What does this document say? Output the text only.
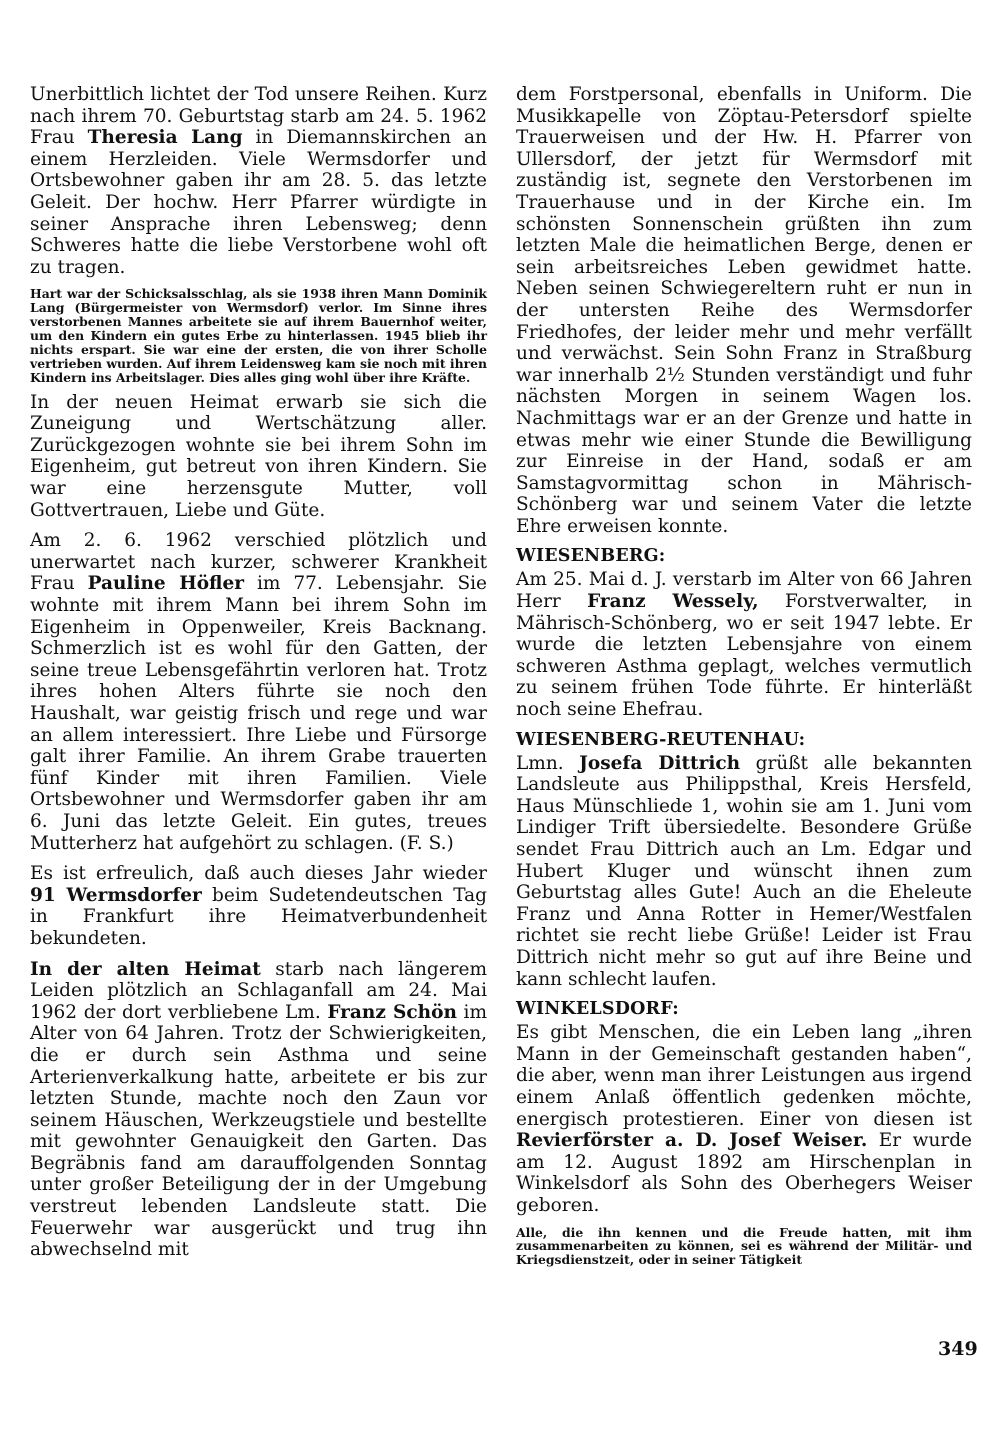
Unerbittlich lichtet der Tod unsere Reihen. Kurz nach ihrem 70. Geburtstag starb am 24. 5. 1962 Frau Theresia Lang in Diemannskirchen an einem Herzleiden. Viele Wermsdorfer und Ortsbewohner gaben ihr am 28. 5. das letzte Geleit. Der hochw. Herr Pfarrer würdigte in seiner Ansprache ihren Lebensweg; denn Schweres hatte die liebe Verstorbene wohl oft zu tragen.

Hart war der Schicksalsschlag, als sie 1938 ihren Mann Dominik Lang (Bürgermeister von Wermsdorf) verlor. Im Sinne ihres verstorbenen Mannes arbeitete sie auf ihrem Bauernhof weiter, um den Kindern ein gutes Erbe zu hinterlassen. 1945 blieb ihr nichts erspart. Sie war eine der ersten, die von ihrer Scholle vertrieben wurden. Auf ihrem Leidensweg kam sie noch mit ihren Kindern ins Arbeitslager. Dies alles ging wohl über ihre Kräfte.

In der neuen Heimat erwarb sie sich die Zuneigung und Wertschätzung aller. Zurückgezogen wohnte sie bei ihrem Sohn im Eigenheim, gut betreut von ihren Kindern. Sie war eine herzensgute Mutter, voll Gottvertrauen, Liebe und Güte.

Am 2. 6. 1962 verschied plötzlich und unerwartet nach kurzer, schwerer Krankheit Frau Pauline Höfler im 77. Lebensjahr. Sie wohnte mit ihrem Mann bei ihrem Sohn im Eigenheim in Oppenweiler, Kreis Backnang. Schmerzlich ist es wohl für den Gatten, der seine treue Lebensgefährtin verloren hat. Trotz ihres hohen Alters führte sie noch den Haushalt, war geistig frisch und rege und war an allem interessiert. Ihre Liebe und Fürsorge galt ihrer Familie. An ihrem Grabe trauerten fünf Kinder mit ihren Familien. Viele Ortsbewohner und Wermsdorfer gaben ihr am 6. Juni das letzte Geleit. Ein gutes, treues Mutterherz hat aufgehört zu schlagen. (F. S.)

Es ist erfreulich, daß auch dieses Jahr wieder 91 Wermsdorfer beim Sudetendeutschen Tag in Frankfurt ihre Heimatverbundenheit bekundeten.

In der alten Heimat starb nach längerem Leiden plötzlich an Schlaganfall am 24. Mai 1962 der dort verbliebene Lm. Franz Schön im Alter von 64 Jahren. Trotz der Schwierigkeiten, die er durch sein Asthma und seine Arterienverkalkung hatte, arbeitete er bis zur letzten Stunde, machte noch den Zaun vor seinem Häuschen, Werkzeugstiele und bestellte mit gewohnter Genauigkeit den Garten. Das Begräbnis fand am darauffolgenden Sonntag unter großer Beteiligung der in der Umgebung verstreut lebenden Landsleute statt. Die Feuerwehr war ausgerückt und trug ihn abwechselnd mit

dem Forstpersonal, ebenfalls in Uniform. Die Musikkapelle von Zöptau-Petersdorf spielte Trauerweisen und der Hw. H. Pfarrer von Ullersdorf, der jetzt für Wermsdorf mit zuständig ist, segnete den Verstorbenen im Trauerhause und in der Kirche ein. Im schönsten Sonnenschein grüßten ihn zum letzten Male die heimatlichen Berge, denen er sein arbeitsreiches Leben gewidmet hatte. Neben seinen Schwiegereltern ruht er nun in der untersten Reihe des Wermsdorfer Friedhofes, der leider mehr und mehr verfällt und verwächst. Sein Sohn Franz in Straßburg war innerhalb 2½ Stunden verständigt und fuhr nächsten Morgen in seinem Wagen los. Nachmittags war er an der Grenze und hatte in etwas mehr wie einer Stunde die Bewilligung zur Einreise in der Hand, sodaß er am Samstagvormittag schon in Mährisch-Schönberg war und seinem Vater die letzte Ehre erweisen konnte.

WIESENBERG:

Am 25. Mai d. J. verstarb im Alter von 66 Jahren Herr Franz Wessely, Forstverwalter, in Mährisch-Schönberg, wo er seit 1947 lebte. Er wurde die letzten Lebensjahre von einem schweren Asthma geplagt, welches vermutlich zu seinem frühen Tode führte. Er hinterläßt noch seine Ehefrau.

WIESENBERG-REUTENHAU:

Lmn. Josefa Dittrich grüßt alle bekannten Landsleute aus Philippsthal, Kreis Hersfeld, Haus Münschliede 1, wohin sie am 1. Juni vom Lindiger Trift übersiedelte. Besondere Grüße sendet Frau Dittrich auch an Lm. Edgar und Hubert Kluger und wünscht ihnen zum Geburtstag alles Gute! Auch an die Eheleute Franz und Anna Rotter in Hemer/Westfalen richtet sie recht liebe Grüße! Leider ist Frau Dittrich nicht mehr so gut auf ihre Beine und kann schlecht laufen.

WINKELSDORF:

Es gibt Menschen, die ein Leben lang „ihren Mann in der Gemeinschaft gestanden haben“, die aber, wenn man ihrer Leistungen aus irgend einem Anlaß öffentlich gedenken möchte, energisch protestieren. Einer von diesen ist Revierförster a. D. Josef Weiser. Er wurde am 12. August 1892 am Hirschenplan in Winkelsdorf als Sohn des Oberhegers Weiser geboren.

Alle, die ihn kennen und die Freude hatten, mit ihm zusammenarbeiten zu können, sei es während der Militär- und Kriegsdienstzeit, oder in seiner Tätigkeit

349
